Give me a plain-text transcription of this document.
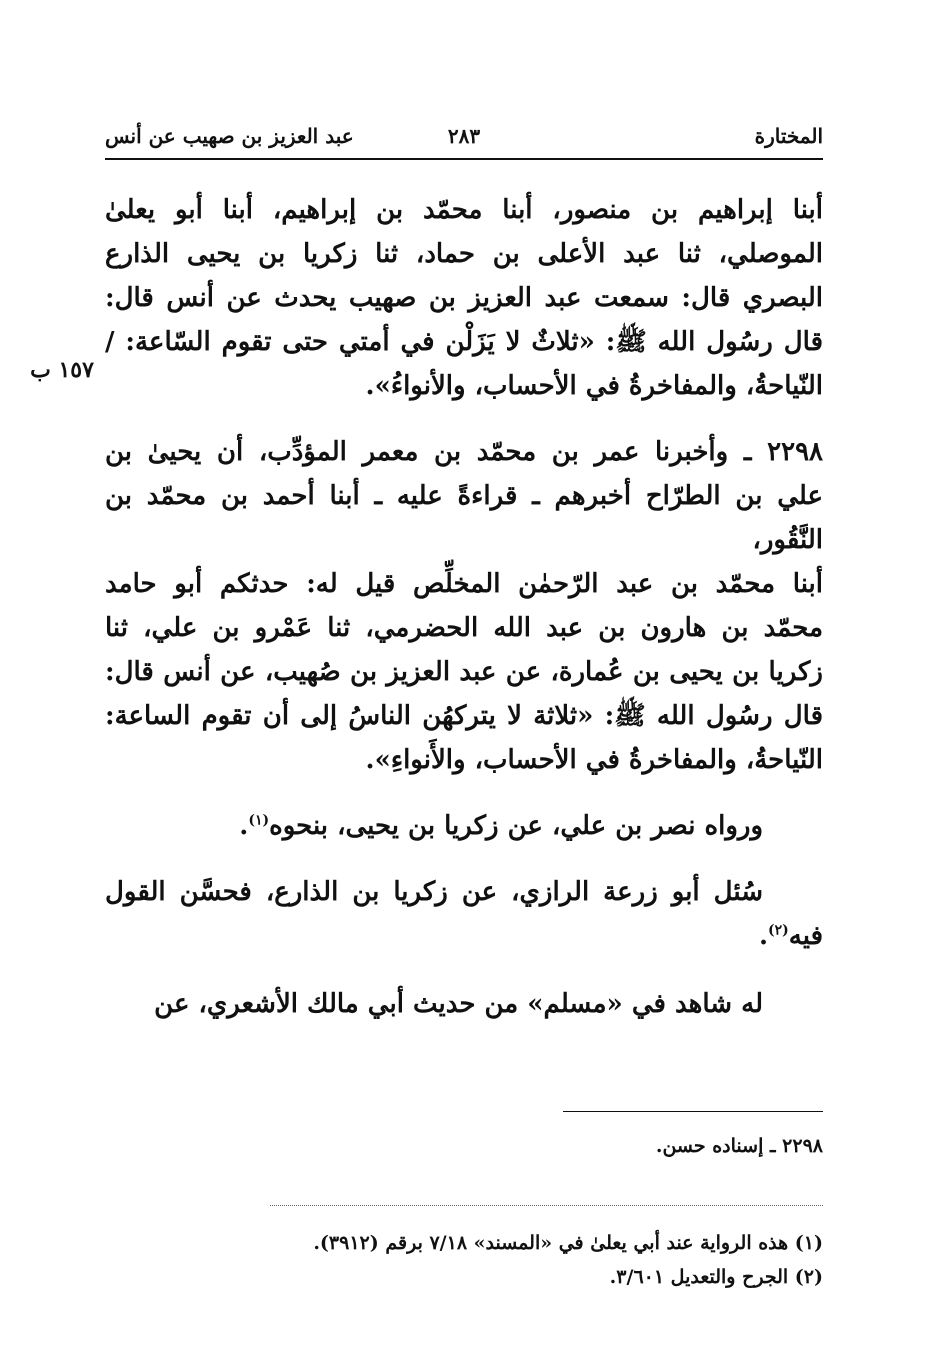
المختارة
٢٨٣
عبد العزيز بن صهيب عن أنس
١٥٧ ب
أبنا إبراهيم بن منصور، أبنا محمّد بن إبراهيم، أبنا أبو يعلىٰ
الموصلي، ثنا عبد الأعلى بن حماد، ثنا زكريا بن يحيى الذارع
البصري قال: سمعت عبد العزيز بن صهيب يحدث عن أنس قال:
قال رسُول الله ﷺ: «ثلاثٌ لا يَزَلْن في أمتي حتى تقوم السّاعة: /
النّياحةُ، والمفاخرةُ في الأحساب، والأنواءُ».
٢٢٩٨ ـ وأخبرنا عمر بن محمّد بن معمر المؤدِّب، أن يحيىٰ بن
علي بن الطرّاح أخبرهم ـ قراءةً عليه ـ أبنا أحمد بن محمّد بن النَّقُور،
أبنا محمّد بن عبد الرّحمٰن المخلِّص قيل له: حدثكم أبو حامد
محمّد بن هارون بن عبد الله الحضرمي، ثنا عَمْرو بن علي، ثنا
زكريا بن يحيى بن عُمارة، عن عبد العزيز بن صُهيب، عن أنس قال:
قال رسُول الله ﷺ: «ثلاثة لا يتركهُن الناسُ إلى أن تقوم الساعة:
النّياحةُ، والمفاخرةُ في الأحساب، والأَنواءِ».
ورواه نصر بن علي، عن زكريا بن يحيى، بنحوه$^{(١)}$.
سُئل أبو زرعة الرازي، عن زكريا بن الذارع، فحسَّن القول
فيه$^{(٢)}$.
له شاهد في «مسلم» من حديث أبي مالك الأشعري، عن
٢٢٩٨ ـ إسناده حسن.
(١) هذه الرواية عند أبي يعلىٰ في «المسند» ٧/١٨ برقم (٣٩١٢).
(٢) الجرح والتعديل ٣/٦٠١.
